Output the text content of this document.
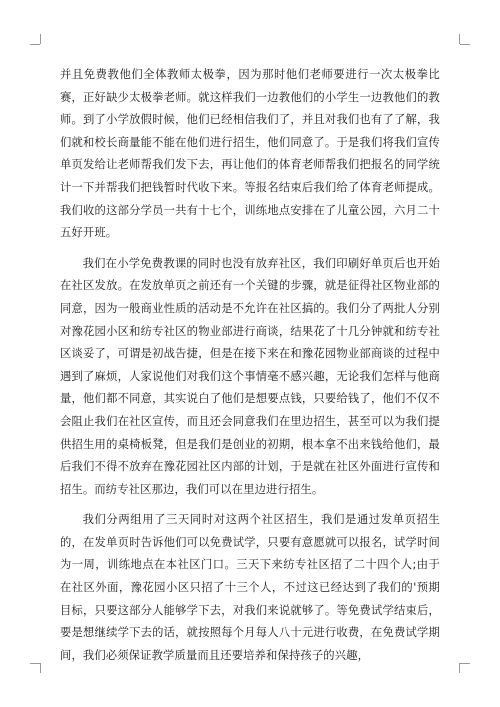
并且免费教他们全体教师太极拳，因为那时他们老师要进行一次太极拳比赛，正好缺少太极拳老师。就这样我们一边教他们的小学生一边教他们的教师。到了小学放假时候，他们已经相信我们了，并且对我们也有了了解，我们就和校长商量能不能在他们进行招生，他们同意了。于是我们将我们宣传单页发给让老师帮我们发下去，再让他们的体育老师帮我们把报名的同学统计一下并帮我们把钱暂时代收下来。等报名结束后我们给了体育老师提成。我们收的这部分学员一共有十七个，训练地点安排在了儿童公园，六月二十五好开班。

我们在小学免费教课的同时也没有放弃社区，我们印刷好单页后也开始在社区发放。在发放单页之前还有一个关键的步骤，就是征得社区物业部的同意，因为一般商业性质的活动是不允许在社区搞的。我们分了两批人分别对豫花园小区和纺专社区的物业部进行商谈，结果花了十几分钟就和纺专社区谈妥了，可谓是初战告捷，但是在接下来在和豫花园物业部商谈的过程中遇到了麻烦，人家说他们对我们这个事情毫不感兴趣，无论我们怎样与他商量，他们都不同意，其实说白了他们是想要点钱，只要给钱了，他们不仅不会阻止我们在社区宣传，而且还会同意我们在里边招生，甚至可以为我们提供招生用的桌椅板凳，但是我们是创业的初期，根本拿不出来钱给他们，最后我们不得不放弃在豫花园社区内部的计划，于是就在社区外面进行宣传和招生。而纺专社区那边，我们可以在里边进行招生。

我们分两组用了三天同时对这两个社区招生，我们是通过发单页招生的，在发单页时告诉他们可以免费试学，只要有意愿就可以报名，试学时间为一周，训练地点在本社区门口。三天下来纺专社区招了二十四个人;由于在社区外面，豫花园小区只招了十三个人，不过这已经达到了我们的'预期目标，只要这部分人能够学下去，对我们来说就够了。等免费试学结束后，要是想继续学下去的话，就按照每个月每人八十元进行收费，在免费试学期间，我们必须保证教学质量而且还要培养和保持孩子的兴趣，
